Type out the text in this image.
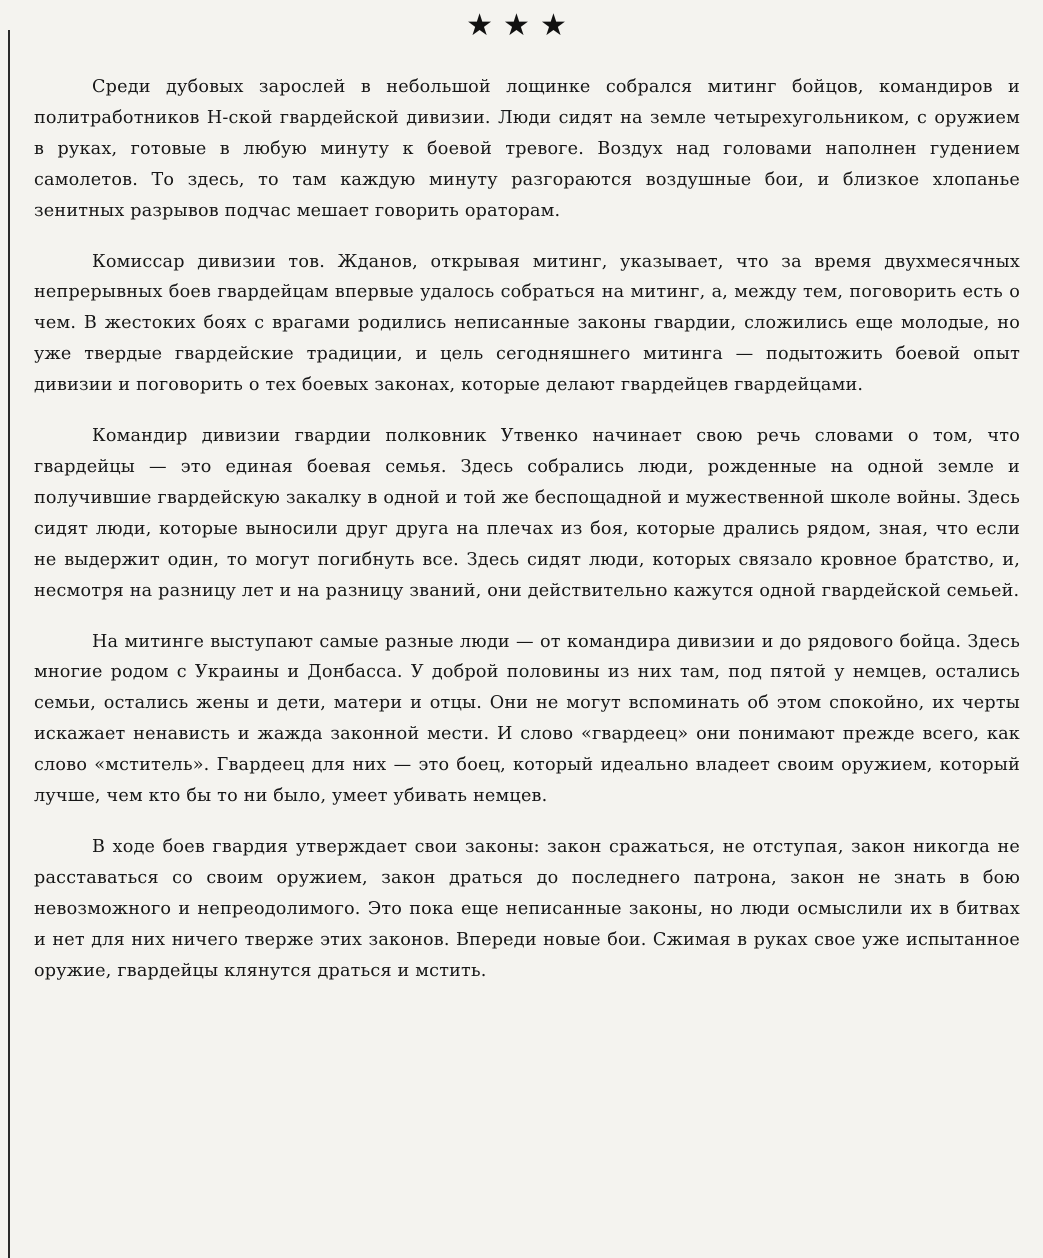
★★★

Среди дубовых зарослей в небольшой лощинке собрался митинг бойцов, командиров и политработников Н-ской гвардейской дивизии. Люди сидят на земле четырехугольником, с оружием в руках, готовые в любую минуту к боевой тревоге. Воздух над головами наполнен гудением самолетов. То здесь, то там каждую минуту разгораются воздушные бои, и близкое хлопанье зенитных разрывов подчас мешает говорить ораторам.

Комиссар дивизии тов. Жданов, открывая митинг, указывает, что за время двухмесячных непрерывных боев гвардейцам впервые удалось собраться на митинг, а, между тем, поговорить есть о чем. В жестоких боях с врагами родились неписанные законы гвардии, сложились еще молодые, но уже твердые гвардейские традиции, и цель сегодняшнего митинга — подытожить боевой опыт дивизии и поговорить о тех боевых законах, которые делают гвардейцев гвардейцами.

Командир дивизии гвардии полковник Утвенко начинает свою речь словами о том, что гвардейцы — это единая боевая семья. Здесь собрались люди, рожденные на одной земле и получившие гвардейскую закалку в одной и той же беспощадной и мужественной школе войны. Здесь сидят люди, которые выносили друг друга на плечах из боя, которые дрались рядом, зная, что если не выдержит один, то могут погибнуть все. Здесь сидят люди, которых связало кровное братство, и, несмотря на разницу лет и на разницу званий, они действительно кажутся одной гвардейской семьей.

На митинге выступают самые разные люди — от командира дивизии и до рядового бойца. Здесь многие родом с Украины и Донбасса. У доброй половины из них там, под пятой у немцев, остались семьи, остались жены и дети, матери и отцы. Они не могут вспоминать об этом спокойно, их черты искажает ненависть и жажда законной мести. И слово «гвардеец» они понимают прежде всего, как слово «мститель». Гвардеец для них — это боец, который идеально владеет своим оружием, который лучше, чем кто бы то ни было, умеет убивать немцев.

В ходе боев гвардия утверждает свои законы: закон сражаться, не отступая, закон никогда не расставаться со своим оружием, закон драться до последнего патрона, закон не знать в бою невозможного и непреодолимого. Это пока еще неписанные законы, но люди осмыслили их в битвах и нет для них ничего тверже этих законов. Впереди новые бои. Сжимая в руках свое уже испытанное оружие, гвардейцы клянутся драться и мстить.
